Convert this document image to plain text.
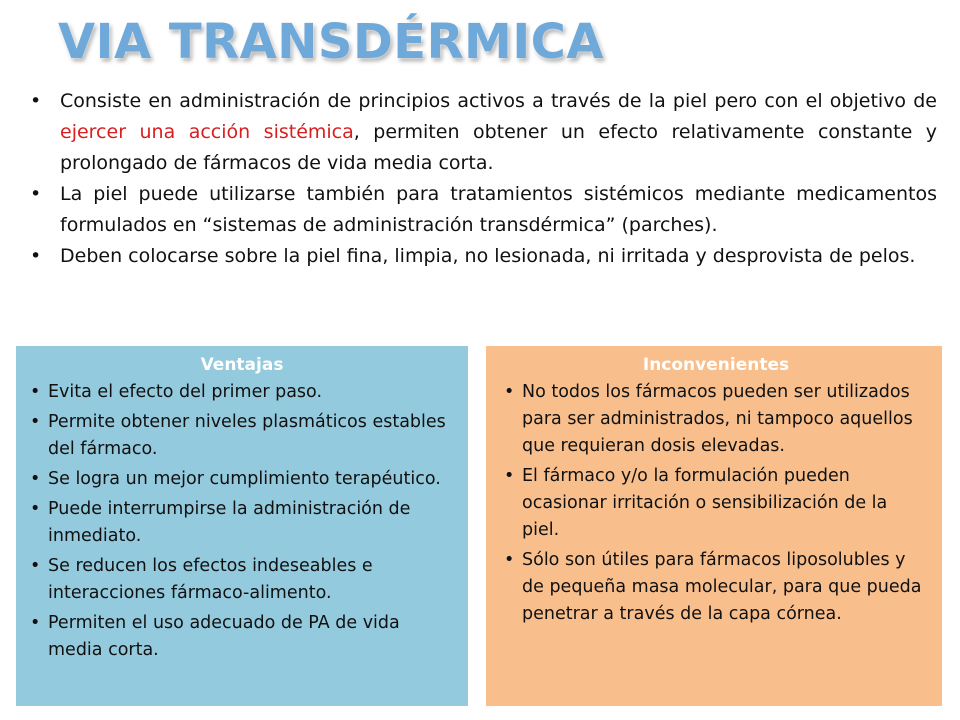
VIA TRANSDÉRMICA
• Consiste en administración de principios activos a través de la piel pero con el objetivo de ejercer una acción sistémica, permiten obtener un efecto relativamente constante y prolongado de fármacos de vida media corta.
• La piel puede utilizarse también para tratamientos sistémicos mediante medicamentos formulados en “sistemas de administración transdérmica” (parches).
• Deben colocarse sobre la piel fina, limpia, no lesionada, ni irritada y desprovista de pelos.
Ventajas
• Evita el efecto del primer paso.
• Permite obtener niveles plasmáticos estables del fármaco.
• Se logra un mejor cumplimiento terapéutico.
• Puede interrumpirse la administración de inmediato.
• Se reducen los efectos indeseables e interacciones fármaco-alimento.
• Permiten el uso adecuado de PA de vida media corta.
Inconvenientes
• No todos los fármacos pueden ser utilizados para ser administrados, ni tampoco aquellos que requieran dosis elevadas.
• El fármaco y/o la formulación pueden ocasionar irritación o sensibilización de la piel.
• Sólo son útiles para fármacos liposolubles y de pequeña masa molecular, para que pueda penetrar a través de la capa córnea.
